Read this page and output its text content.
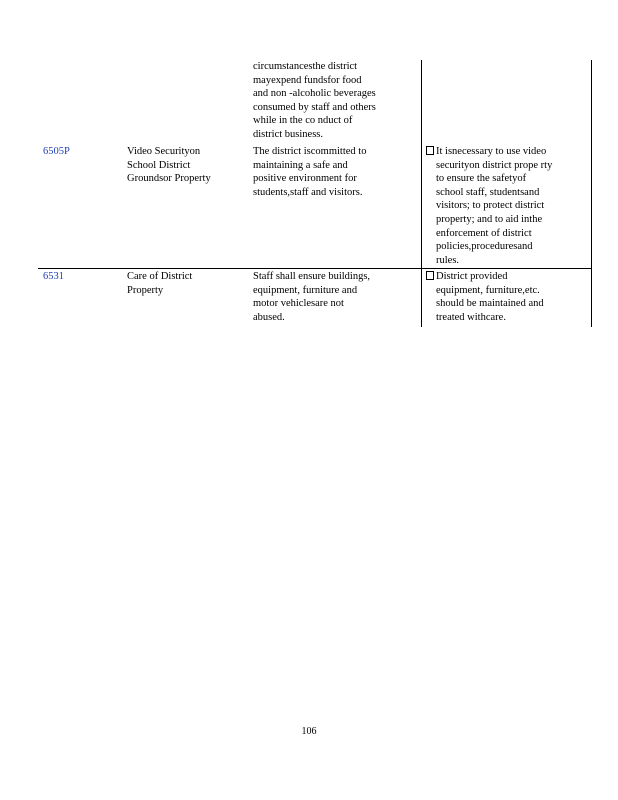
circumstancesthe district
mayexpend fundsfor food
and non -alcoholic beverages
consumed by staff and others
while in the co nduct of
district business.
6505P	Video Securityon
School District
Groundsor Property
The district iscommitted to
maintaining a safe and
positive environment for
students,staff and visitors.
It isnecessary to use video
securityon district prope rty
to ensure the safetyof
school staff, studentsand
visitors; to protect district
property; and to aid inthe
enforcement of district
policies,proceduresand
rules.
6531	Care of District
Property
Staff shall ensure buildings,
equipment, furniture and
motor vehiclesare not
abused.
District provided
equipment, furniture,etc.
should be maintained and
treated withcare.
106
